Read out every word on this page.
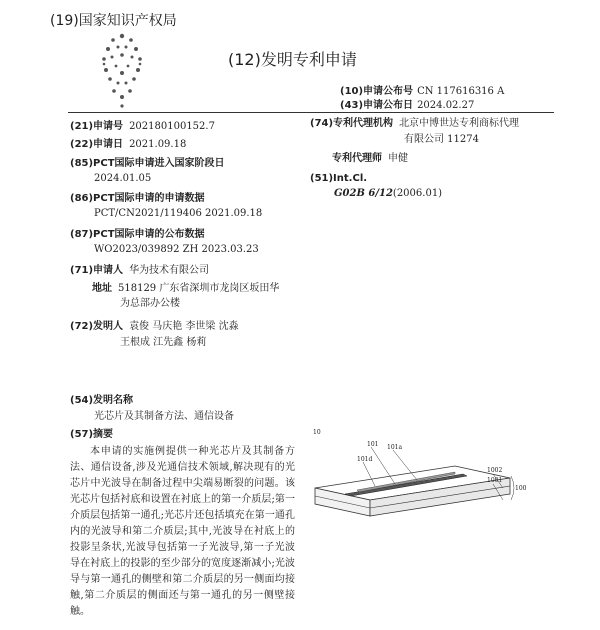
(19)国家知识产权局
(12)发明专利申请
(10)申请公布号 CN 117616316 A
(43)申请公布日 2024.02.27
(21)申请号 202180100152.7
(22)申请日 2021.09.18
(85)PCT国际申请进入国家阶段日
2024.01.05
(86)PCT国际申请的申请数据
PCT/CN2021/119406 2021.09.18
(87)PCT国际申请的公布数据
WO2023/039892 ZH 2023.03.23
(71)申请人 华为技术有限公司
地址 518129 广东省深圳市龙岗区坂田华
为总部办公楼
(72)发明人 袁俊 马庆艳 李世梁 沈淼
王根成 江先鑫 杨莉
(74)专利代理机构 北京中博世达专利商标代理
有限公司 11274
专利代理师 申健
(51)Int.Cl.
G02B 6/12(2006.01)
(54)发明名称
光芯片及其制备方法、通信设备
(57)摘要
本申请的实施例提供一种光芯片及其制备方法、通信设备,涉及光通信技术领域,解决现有的光芯片中光波导在制备过程中尖端易断裂的问题。该光芯片包括衬底和设置在衬底上的第一介质层;第一介质层包括第一通孔;光芯片还包括填充在第一通孔内的光波导和第二介质层;其中,光波导在衬底上的投影呈条状,光波导包括第一子光波导,第一子光波导在衬底上的投影的至少部分的宽度逐渐减小;光波导与第一通孔的侧壁和第二介质层的另一侧面均接触,第二介质层的侧面还与第一通孔的另一侧壁接触。
10
101 101a
101d
1002
1001
100
